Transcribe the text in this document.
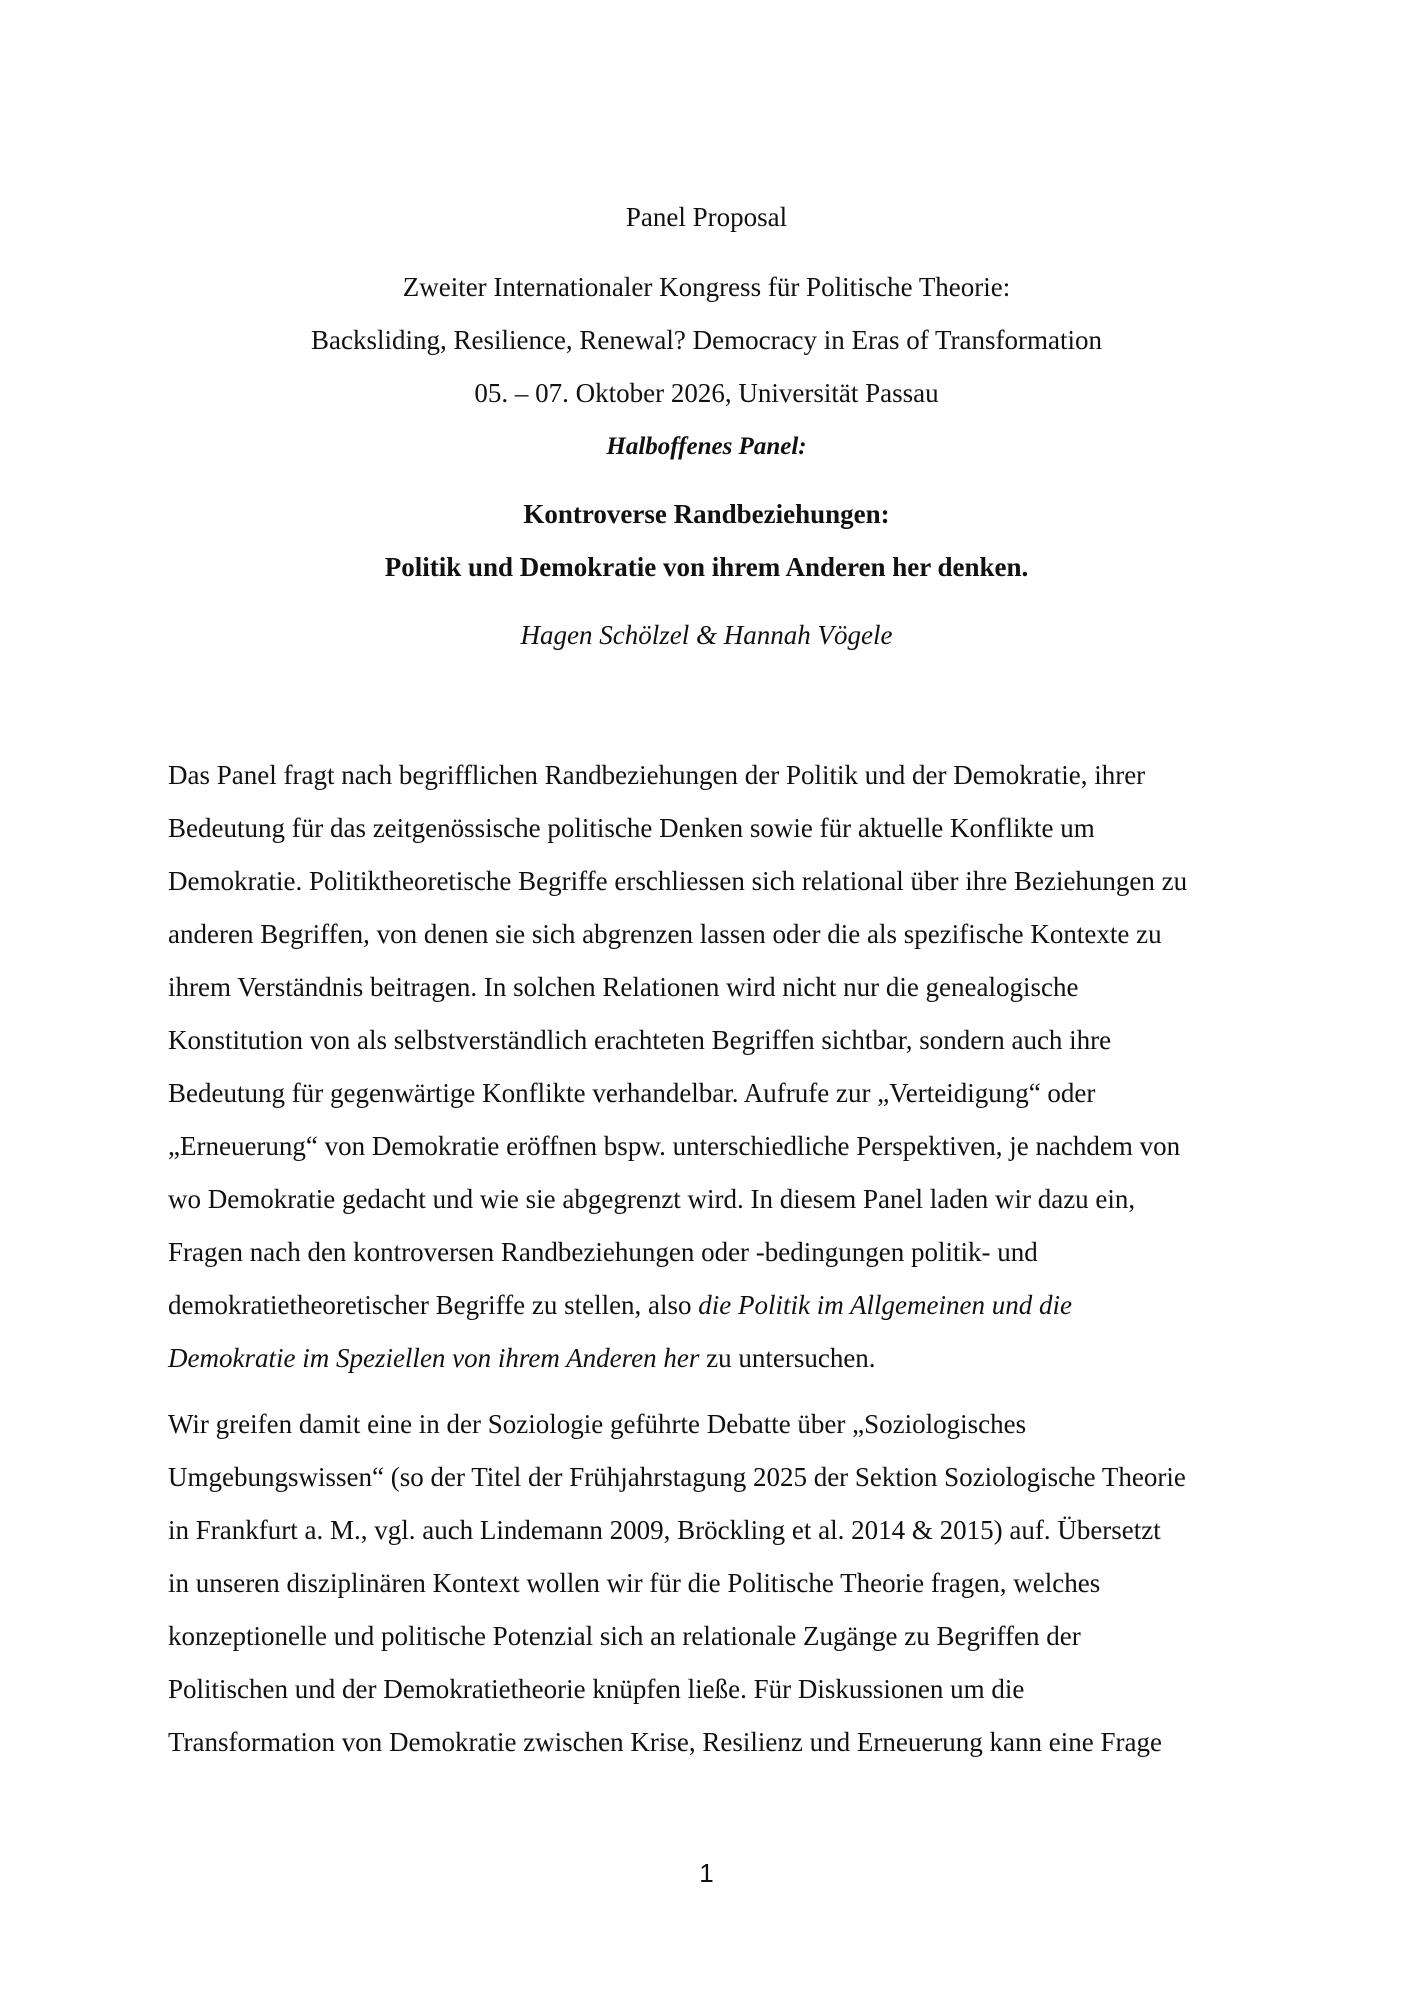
Panel Proposal
Zweiter Internationaler Kongress für Politische Theorie:
Backsliding, Resilience, Renewal? Democracy in Eras of Transformation
05. – 07. Oktober 2026, Universität Passau
Halboffenes Panel:
Kontroverse Randbeziehungen:
Politik und Demokratie von ihrem Anderen her denken.
Hagen Schölzel & Hannah Vögele
Das Panel fragt nach begrifflichen Randbeziehungen der Politik und der Demokratie, ihrer
Bedeutung für das zeitgenössische politische Denken sowie für aktuelle Konflikte um
Demokratie. Politiktheoretische Begriffe erschliessen sich relational über ihre Beziehungen zu
anderen Begriffen, von denen sie sich abgrenzen lassen oder die als spezifische Kontexte zu
ihrem Verständnis beitragen. In solchen Relationen wird nicht nur die genealogische
Konstitution von als selbstverständlich erachteten Begriffen sichtbar, sondern auch ihre
Bedeutung für gegenwärtige Konflikte verhandelbar. Aufrufe zur „Verteidigung“ oder
„Erneuerung“ von Demokratie eröffnen bspw. unterschiedliche Perspektiven, je nachdem von
wo Demokratie gedacht und wie sie abgegrenzt wird. In diesem Panel laden wir dazu ein,
Fragen nach den kontroversen Randbeziehungen oder -bedingungen politik- und
demokratietheoretischer Begriffe zu stellen, also die Politik im Allgemeinen und die
Demokratie im Speziellen von ihrem Anderen her zu untersuchen.
Wir greifen damit eine in der Soziologie geführte Debatte über „Soziologisches
Umgebungswissen“ (so der Titel der Frühjahrstagung 2025 der Sektion Soziologische Theorie
in Frankfurt a. M., vgl. auch Lindemann 2009, Bröckling et al. 2014 & 2015) auf. Übersetzt
in unseren disziplinären Kontext wollen wir für die Politische Theorie fragen, welches
konzeptionelle und politische Potenzial sich an relationale Zugänge zu Begriffen der
Politischen und der Demokratietheorie knüpfen ließe. Für Diskussionen um die
Transformation von Demokratie zwischen Krise, Resilienz und Erneuerung kann eine Frage
1
